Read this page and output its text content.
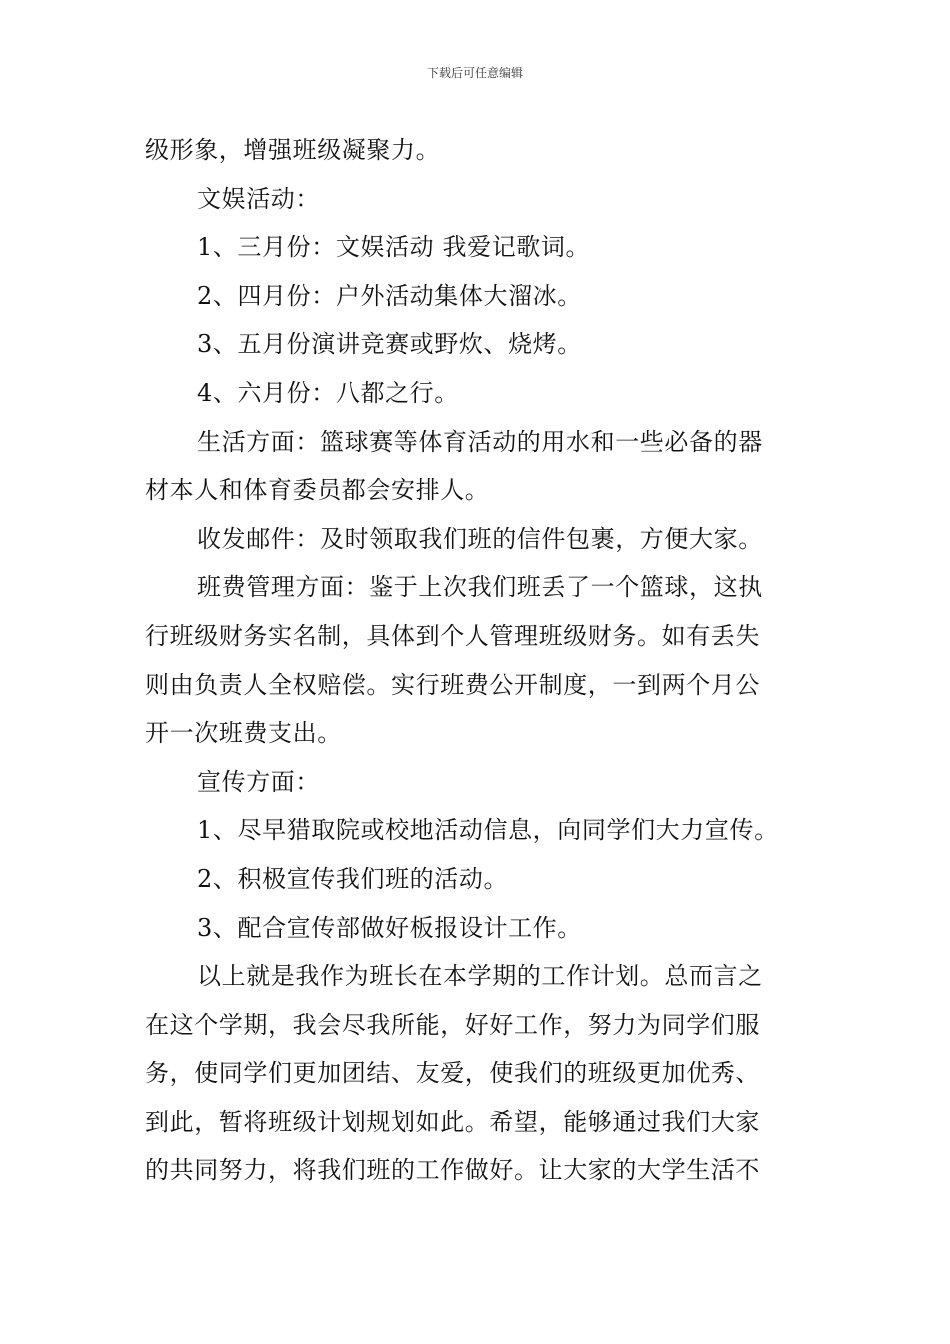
下载后可任意编辑
级形象，增强班级凝聚力。
文娱活动：
1、三月份：文娱活动 我爱记歌词。
2、四月份：户外活动集体大溜冰。
3、五月份演讲竞赛或野炊、烧烤。
4、六月份：八都之行。
生活方面：篮球赛等体育活动的用水和一些必备的器
材本人和体育委员都会安排人。
收发邮件：及时领取我们班的信件包裹，方便大家。
班费管理方面：鉴于上次我们班丢了一个篮球，这执
行班级财务实名制，具体到个人管理班级财务。如有丢失
则由负责人全权赔偿。实行班费公开制度，一到两个月公
开一次班费支出。
宣传方面：
1、尽早猎取院或校地活动信息，向同学们大力宣传。
2、积极宣传我们班的活动。
3、配合宣传部做好板报设计工作。
以上就是我作为班长在本学期的工作计划。总而言之
在这个学期，我会尽我所能，好好工作，努力为同学们服
务，使同学们更加团结、友爱，使我们的班级更加优秀、
到此，暂将班级计划规划如此。希望，能够通过我们大家
的共同努力，将我们班的工作做好。让大家的大学生活不
